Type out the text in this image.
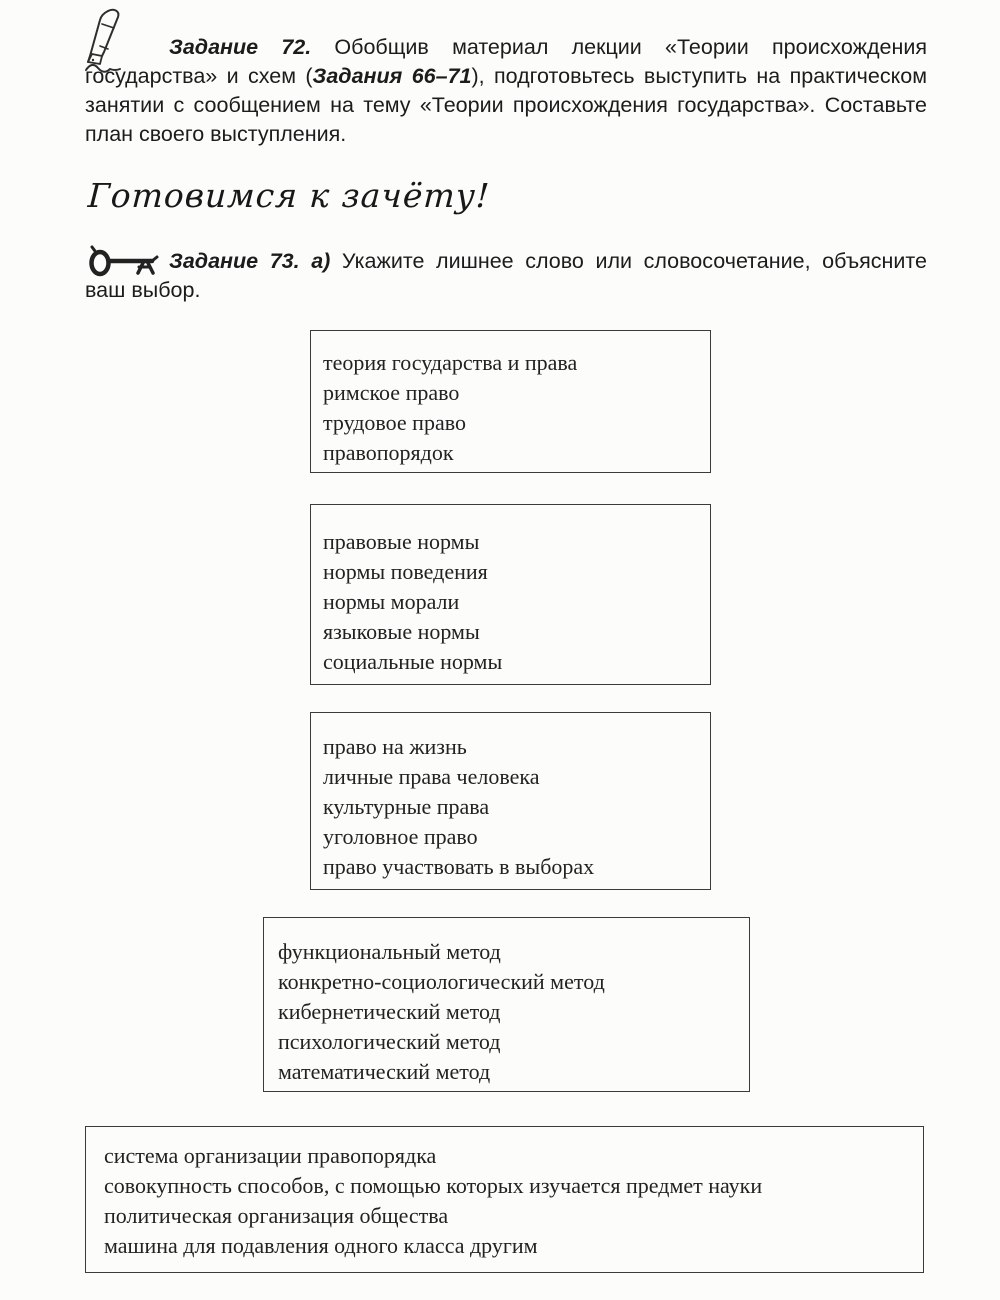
Задание 72. Обобщив материал лекции «Теории происхождения государства» и схем (Задания 66–71), подготовьтесь выступить на практическом занятии с сообщением на тему «Теории происхождения государства». Составьте план своего выступления.

Готовимся к зачёту!

Задание 73. а) Укажите лишнее слово или словосочетание, объясните ваш выбор.

теория государства и права
римское право
трудовое право
правопорядок
правовые нормы
нормы поведения
нормы морали
языковые нормы
социальные нормы
право на жизнь
личные права человека
культурные права
уголовное право
право участвовать в выборах
функциональный метод
конкретно-социологический метод
кибернетический метод
психологический метод
математический метод
система организации правопорядка
совокупность способов, с помощью которых изучается предмет науки
политическая организация общества
машина для подавления одного класса другим
